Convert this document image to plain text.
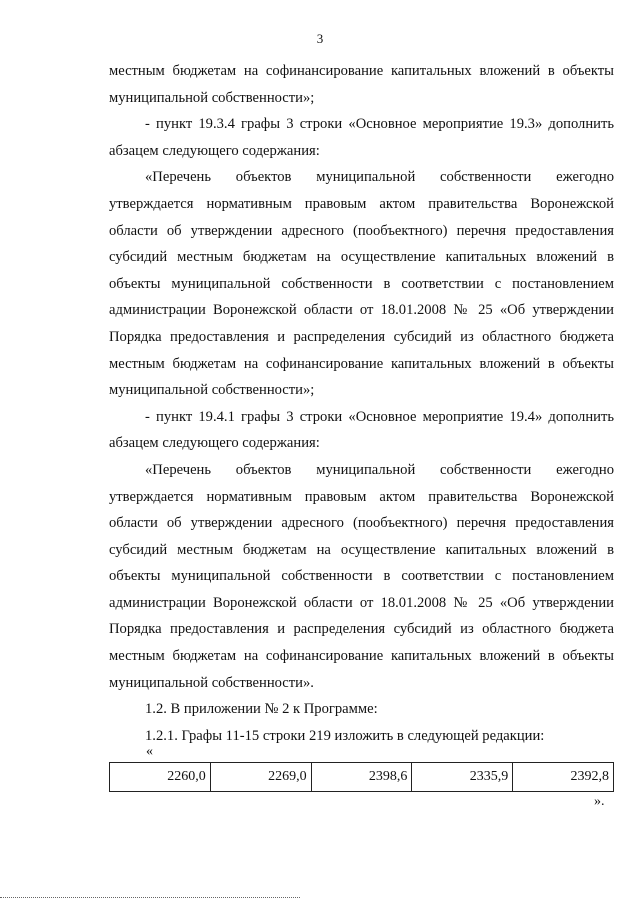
3
местным бюджетам на софинансирование капитальных вложений в объекты
муниципальной собственности»;
- пункт 19.3.4 графы 3 строки «Основное мероприятие 19.3» дополнить
абзацем следующего содержания:
«Перечень объектов муниципальной собственности ежегодно
утверждается нормативным правовым актом правительства Воронежской
области об утверждении адресного (пообъектного) перечня предоставления
субсидий местным бюджетам на осуществление капитальных вложений в
объекты муниципальной собственности в соответствии с постановлением
администрации Воронежской области от 18.01.2008 № 25 «Об утверждении
Порядка предоставления и распределения субсидий из областного бюджета
местным бюджетам на софинансирование капитальных вложений в объекты
муниципальной собственности»;
- пункт 19.4.1 графы 3 строки «Основное мероприятие 19.4» дополнить
абзацем следующего содержания:
«Перечень объектов муниципальной собственности ежегодно
утверждается нормативным правовым актом правительства Воронежской
области об утверждении адресного (пообъектного) перечня предоставления
субсидий местным бюджетам на осуществление капитальных вложений в
объекты муниципальной собственности в соответствии с постановлением
администрации Воронежской области от 18.01.2008 № 25 «Об утверждении
Порядка предоставления и распределения субсидий из областного бюджета
местным бюджетам на софинансирование капитальных вложений в объекты
муниципальной собственности».
1.2. В приложении № 2 к Программе:
1.2.1. Графы 11-15 строки 219 изложить в следующей редакции:
«
2260,0	2269,0	2398,6	2335,9	2392,8
».
